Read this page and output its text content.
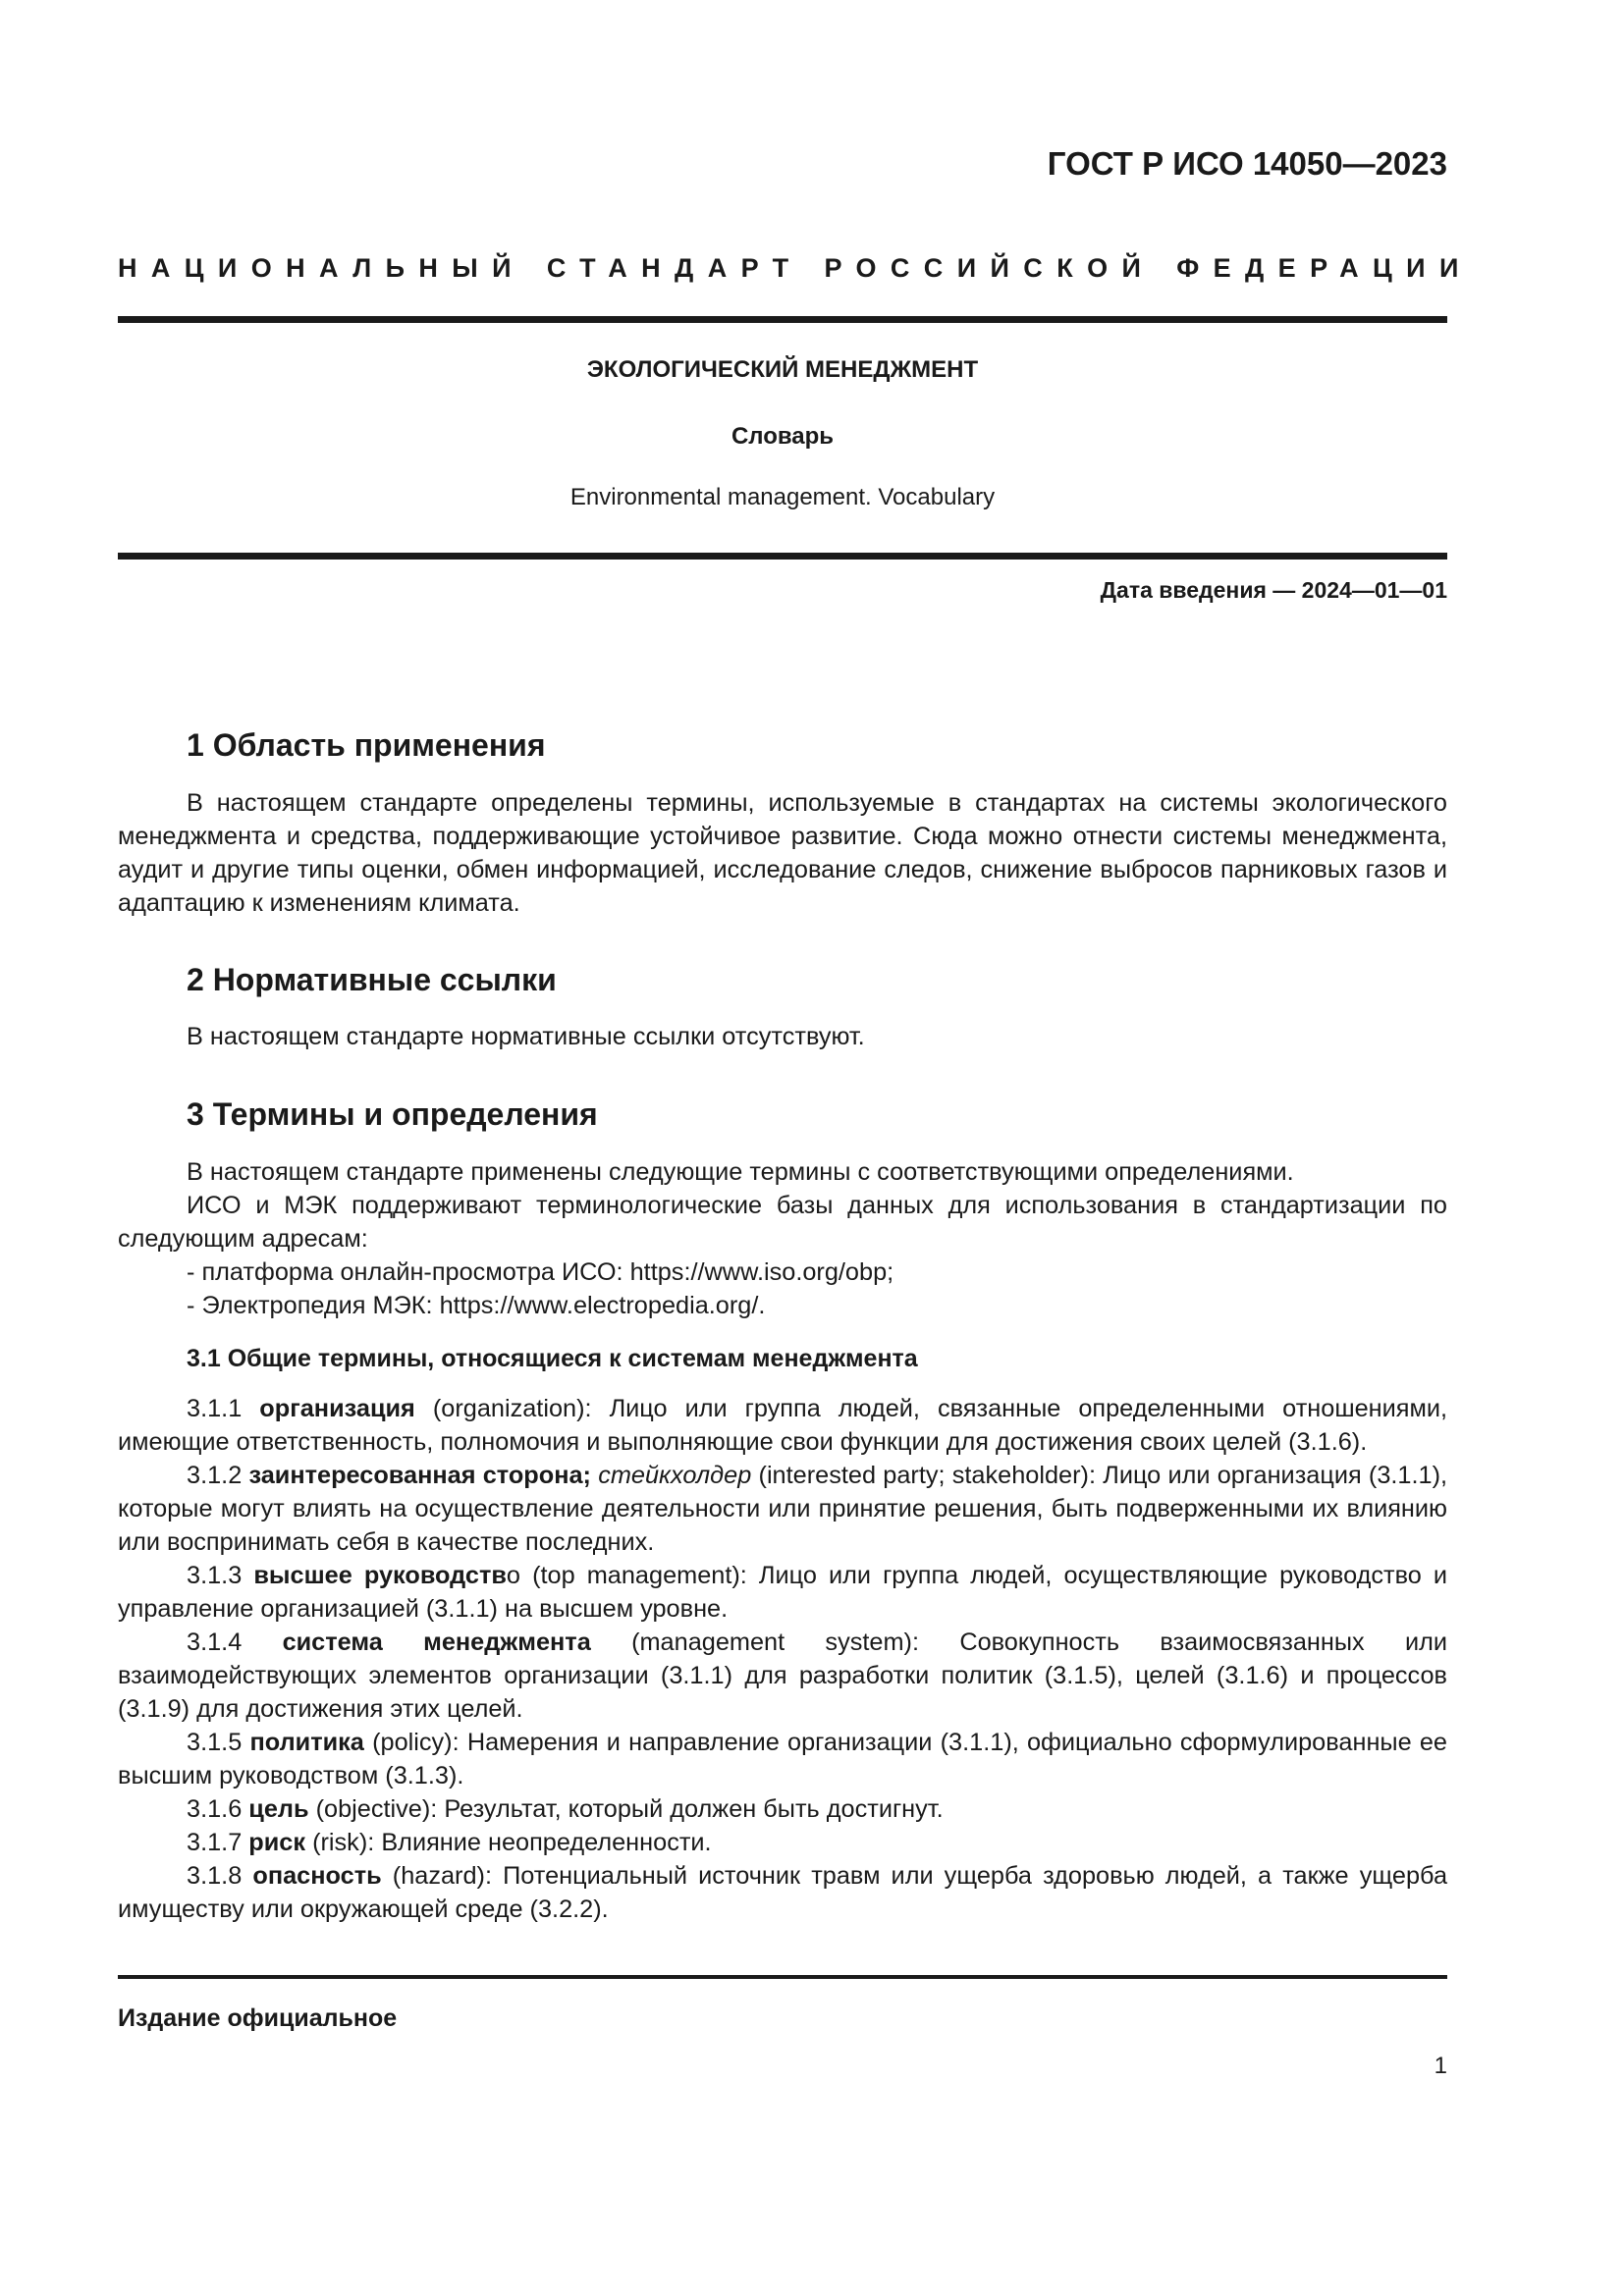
ГОСТ Р ИСО 14050—2023
НАЦИОНАЛЬНЫЙ СТАНДАРТ РОССИЙСКОЙ ФЕДЕРАЦИИ
ЭКОЛОГИЧЕСКИЙ МЕНЕДЖМЕНТ
Словарь
Environmental management. Vocabulary
Дата введения — 2024—01—01
1 Область применения

В настоящем стандарте определены термины, используемые в стандартах на системы экологического менеджмента и средства, поддерживающие устойчивое развитие. Сюда можно отнести системы менеджмента, аудит и другие типы оценки, обмен информацией, исследование следов, снижение выбросов парниковых газов и адаптацию к изменениям климата.

2 Нормативные ссылки

В настоящем стандарте нормативные ссылки отсутствуют.

3 Термины и определения

В настоящем стандарте применены следующие термины с соответствующими определениями.

ИСО и МЭК поддерживают терминологические базы данных для использования в стандартизации по следующим адресам:

- платформа онлайн-просмотра ИСО: https://www.iso.org/obp;
- Электропедия МЭК: https://www.electropedia.org/.
3.1 Общие термины, относящиеся к системам менеджмента

3.1.1 организация (organization): Лицо или группа людей, связанные определенными отношениями, имеющие ответственность, полномочия и выполняющие свои функции для достижения своих целей (3.1.6).

3.1.2 заинтересованная сторона; стейкхолдер (interested party; stakeholder): Лицо или организация (3.1.1), которые могут влиять на осуществление деятельности или принятие решения, быть подверженными их влиянию или воспринимать себя в качестве последних.

3.1.3 высшее руководство (top management): Лицо или группа людей, осуществляющие руководство и управление организацией (3.1.1) на высшем уровне.

3.1.4 система менеджмента (management system): Совокупность взаимосвязанных или взаимодействующих элементов организации (3.1.1) для разработки политик (3.1.5), целей (3.1.6) и процессов (3.1.9) для достижения этих целей.

3.1.5 политика (policy): Намерения и направление организации (3.1.1), официально сформулированные ее высшим руководством (3.1.3).

3.1.6 цель (objective): Результат, который должен быть достигнут.

3.1.7 риск (risk): Влияние неопределенности.

3.1.8 опасность (hazard): Потенциальный источник травм или ущерба здоровью людей, а также ущерба имуществу или окружающей среде (3.2.2).

Издание официальное
1
